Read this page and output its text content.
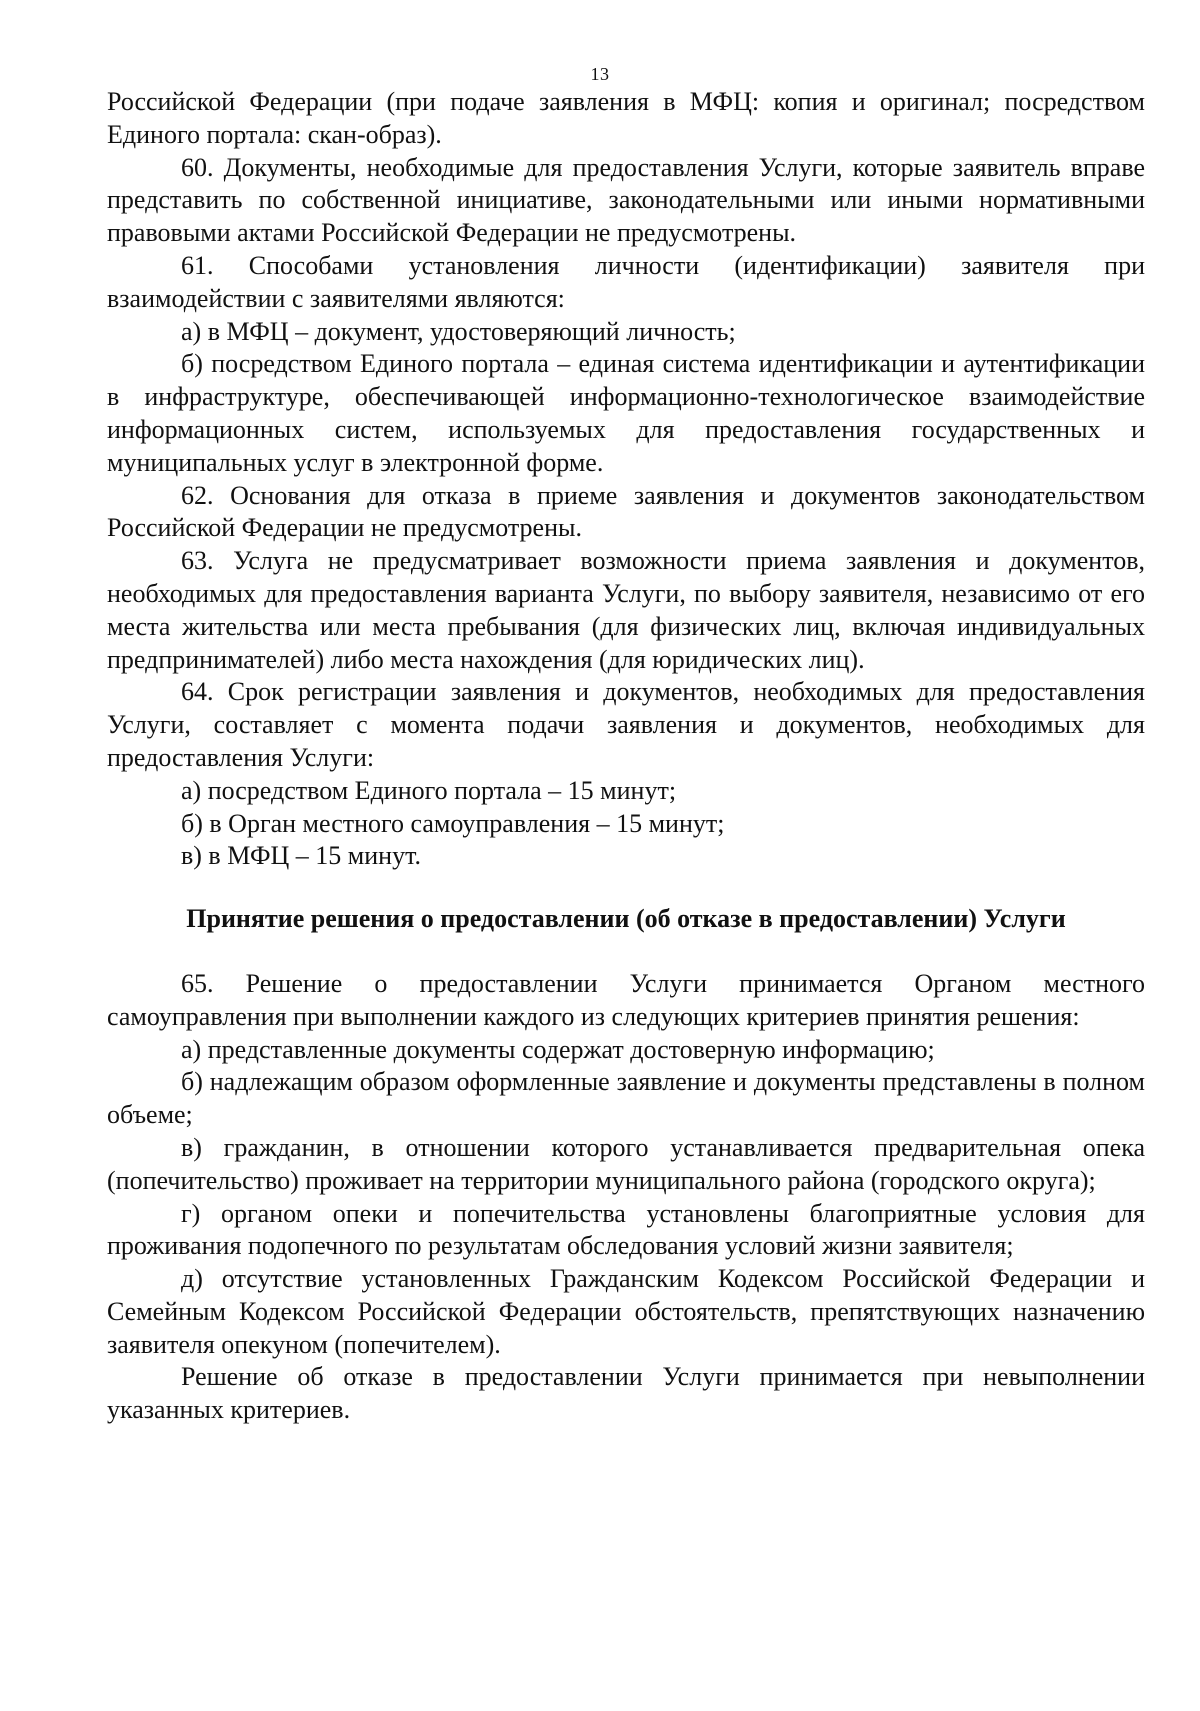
13

Российской Федерации (при подаче заявления в МФЦ: копия и оригинал; посредством Единого портала: скан-образ).

60. Документы, необходимые для предоставления Услуги, которые заявитель вправе представить по собственной инициативе, законодательными или иными нормативными правовыми актами Российской Федерации не предусмотрены.

61. Способами установления личности (идентификации) заявителя при взаимодействии с заявителями являются:

а) в МФЦ – документ, удостоверяющий личность;

б) посредством Единого портала – единая система идентификации и аутентификации в инфраструктуре, обеспечивающей информационно-технологическое взаимодействие информационных систем, используемых для предоставления государственных и муниципальных услуг в электронной форме.

62. Основания для отказа в приеме заявления и документов законодательством Российской Федерации не предусмотрены.

63. Услуга не предусматривает возможности приема заявления и документов, необходимых для предоставления варианта Услуги, по выбору заявителя, независимо от его места жительства или места пребывания (для физических лиц, включая индивидуальных предпринимателей) либо места нахождения (для юридических лиц).

64. Срок регистрации заявления и документов, необходимых для предоставления Услуги, составляет с момента подачи заявления и документов, необходимых для предоставления Услуги:

а) посредством Единого портала – 15 минут;

б) в Орган местного самоуправления – 15 минут;

в) в МФЦ – 15 минут.

Принятие решения о предоставлении (об отказе в предоставлении) Услуги

65. Решение о предоставлении Услуги принимается Органом местного самоуправления при выполнении каждого из следующих критериев принятия решения:

а) представленные документы содержат достоверную информацию;

б) надлежащим образом оформленные заявление и документы представлены в полном объеме;

в) гражданин, в отношении которого устанавливается предварительная опека (попечительство) проживает на территории муниципального района (городского округа);

г) органом опеки и попечительства установлены благоприятные условия для проживания подопечного по результатам обследования условий жизни заявителя;

д) отсутствие установленных Гражданским Кодексом Российской Федерации и Семейным Кодексом Российской Федерации обстоятельств, препятствующих назначению заявителя опекуном (попечителем).

Решение об отказе в предоставлении Услуги принимается при невыполнении указанных критериев.
